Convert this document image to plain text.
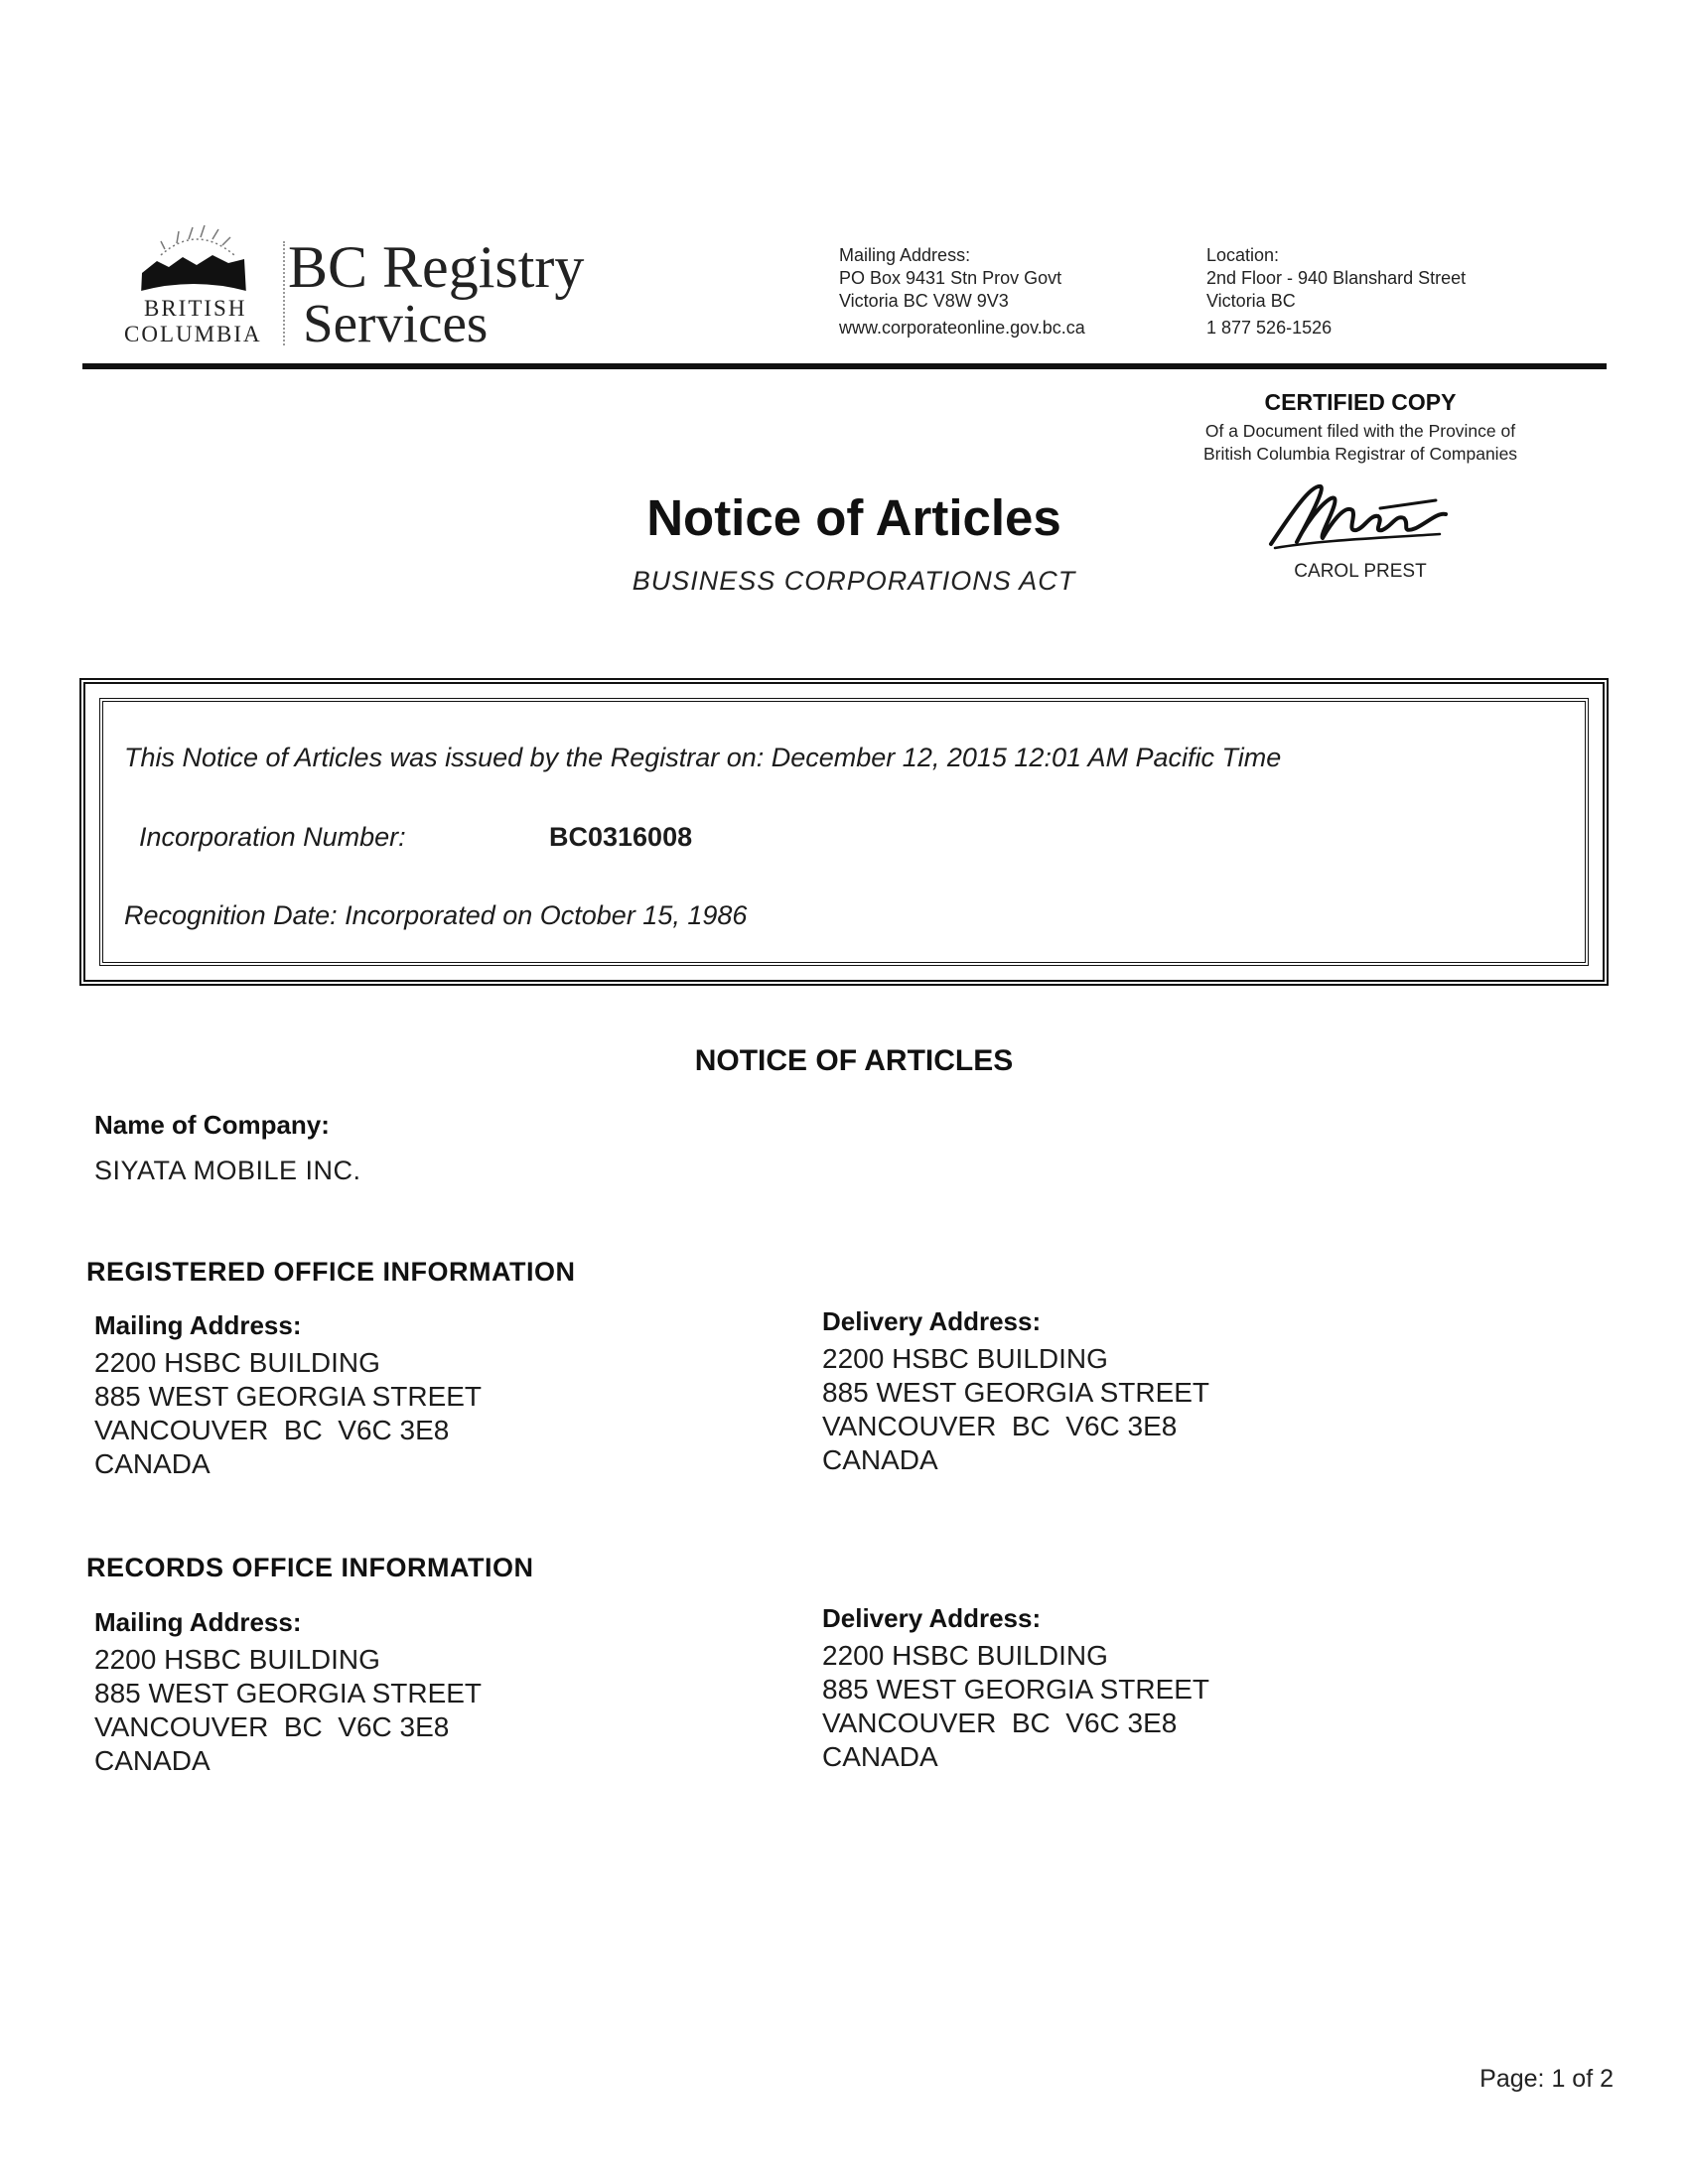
BRITISH
COLUMBIA
BC Registry
Services
Mailing Address:
PO Box 9431 Stn Prov Govt
Victoria BC V8W 9V3
www.corporateonline.gov.bc.ca
Location:
2nd Floor - 940 Blanshard Street
Victoria BC
1 877 526-1526
CERTIFIED COPY
Of a Document filed with the Province of
British Columbia Registrar of Companies
CAROL PREST
Notice of Articles
BUSINESS CORPORATIONS ACT
This Notice of Articles was issued by the Registrar on: December 12, 2015 12:01 AM Pacific Time
Incorporation Number:	BC0316008
Recognition Date: Incorporated on October 15, 1986
NOTICE OF ARTICLES
Name of Company:
SIYATA MOBILE INC.
REGISTERED OFFICE INFORMATION
Mailing Address:
2200 HSBC BUILDING
885 WEST GEORGIA STREET
VANCOUVER  BC  V6C 3E8
CANADA
Delivery Address:
2200 HSBC BUILDING
885 WEST GEORGIA STREET
VANCOUVER  BC  V6C 3E8
CANADA
RECORDS OFFICE INFORMATION
Mailing Address:
2200 HSBC BUILDING
885 WEST GEORGIA STREET
VANCOUVER  BC  V6C 3E8
CANADA
Delivery Address:
2200 HSBC BUILDING
885 WEST GEORGIA STREET
VANCOUVER  BC  V6C 3E8
CANADA
Page: 1 of 2
